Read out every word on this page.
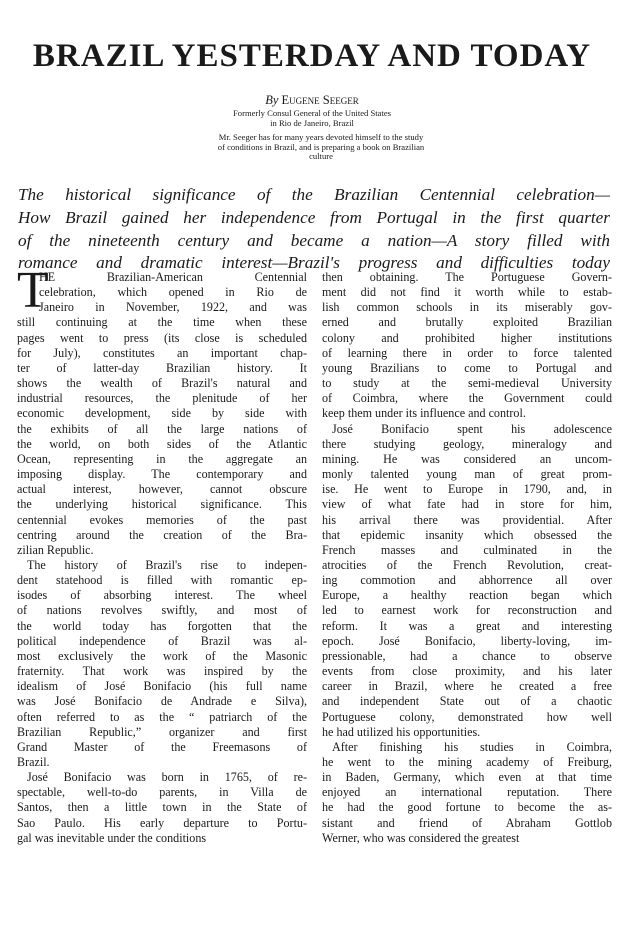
BRAZIL YESTERDAY AND TODAY
By Eugene Seeger
Formerly Consul General of the United States
in Rio de Janeiro, Brazil
Mr. Seeger has for many years devoted himself to the study
of conditions in Brazil, and is preparing a book on Brazilian
culture
The historical significance of the Brazilian Centennial celebration—
How Brazil gained her independence from Portugal in the first quarter
of the nineteenth century and became a nation—A story filled with
romance and dramatic interest—Brazil's progress and difficulties today
T
HE Brazilian-American Centennial
celebration, which opened in Rio de
Janeiro in November, 1922, and was
still continuing at the time when these
pages went to press (its close is scheduled
for July), constitutes an important chap-
ter of latter-day Brazilian history. It
shows the wealth of Brazil's natural and
industrial resources, the plenitude of her
economic development, side by side with
the exhibits of all the large nations of
the world, on both sides of the Atlantic
Ocean, representing in the aggregate an
imposing display. The contemporary and
actual interest, however, cannot obscure
the underlying historical significance. This
centennial evokes memories of the past
centring around the creation of the Bra-
zilian Republic.
The history of Brazil's rise to indepen-
dent statehood is filled with romantic ep-
isodes of absorbing interest. The wheel
of nations revolves swiftly, and most of
the world today has forgotten that the
political independence of Brazil was al-
most exclusively the work of the Masonic
fraternity. That work was inspired by the
idealism of José Bonifacio (his full name
was José Bonifacio de Andrade e Silva),
often referred to as the “ patriarch of the
Brazilian Republic,” organizer and first
Grand Master of the Freemasons of
Brazil.
José Bonifacio was born in 1765, of re-
spectable, well-to-do parents, in Villa de
Santos, then a little town in the State of
Sao Paulo. His early departure to Portu-
gal was inevitable under the conditions
then obtaining. The Portuguese Govern-
ment did not find it worth while to estab-
lish common schools in its miserably gov-
erned and brutally exploited Brazilian
colony and prohibited higher institutions
of learning there in order to force talented
young Brazilians to come to Portugal and
to study at the semi-medieval University
of Coimbra, where the Government could
keep them under its influence and control.
José Bonifacio spent his adolescence
there studying geology, mineralogy and
mining. He was considered an uncom-
monly talented young man of great prom-
ise. He went to Europe in 1790, and, in
view of what fate had in store for him,
his arrival there was providential. After
that epidemic insanity which obsessed the
French masses and culminated in the
atrocities of the French Revolution, creat-
ing commotion and abhorrence all over
Europe, a healthy reaction began which
led to earnest work for reconstruction and
reform. It was a great and interesting
epoch. José Bonifacio, liberty-loving, im-
pressionable, had a chance to observe
events from close proximity, and his later
career in Brazil, where he created a free
and independent State out of a chaotic
Portuguese colony, demonstrated how well
he had utilized his opportunities.
After finishing his studies in Coimbra,
he went to the mining academy of Freiburg,
in Baden, Germany, which even at that time
enjoyed an international reputation. There
he had the good fortune to become the as-
sistant and friend of Abraham Gottlob
Werner, who was considered the greatest
